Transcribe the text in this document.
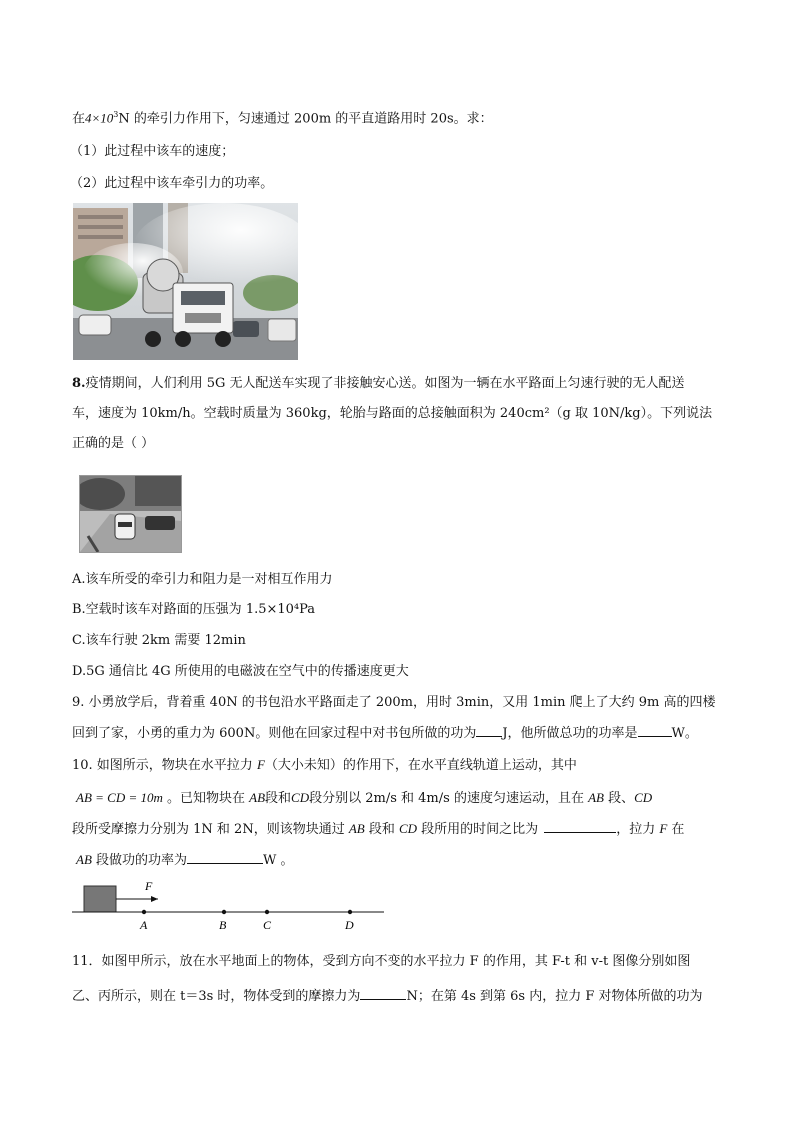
在$4\times 10^3N$ 的牵引力作用下，匀速通过 200m 的平直道路用时 20s。求：
（1）此过程中该车的速度；
（2）此过程中该车牵引力的功率。
8.疫情期间，人们利用 5G 无人配送车实现了非接触安心送。如图为一辆在水平路面上匀速行驶的无人配送
车，速度为 10km/h。空载时质量为 360kg，轮胎与路面的总接触面积为 240cm²（g 取 10N/kg）。下列说法
正确的是（ ）
A.该车所受的牵引力和阻力是一对相互作用力
B.空载时该车对路面的压强为 1.5×10⁴Pa
C.该车行驶 2km 需要 12min
D.5G 通信比 4G 所使用的电磁波在空气中的传播速度更大
9. 小勇放学后，背着重 40N 的书包沿水平路面走了 200m，用时 3min，又用 1min 爬上了大约 9m 高的四楼
回到了家，小勇的重力为 600N。则他在回家过程中对书包所做的功为 J，他所做总功的功率是	W。
10. 如图所示，物块在水平拉力 F（大小未知）的作用下，在水平直线轨道上运动，其中
AB = CD = 10m 。已知物块在 AB段和CD段分别以 2m/s 和 4m/s 的速度匀速运动，且在 AB 段、CD
段所受摩擦力分别为 1N 和 2N，则该物块通过 AB 段和 CD 段所用的时间之比为	，拉力 F 在
AB 段做功的功率为	W 。
F
A	B	C	D
11．如图甲所示，放在水平地面上的物体，受到方向不变的水平拉力 F 的作用，其 F-t 和 v-t 图像分别如图
乙、丙所示，则在 t＝3s 时，物体受到的摩擦力为	N；在第 4s 到第 6s 内，拉力 F 对物体所做的功为
